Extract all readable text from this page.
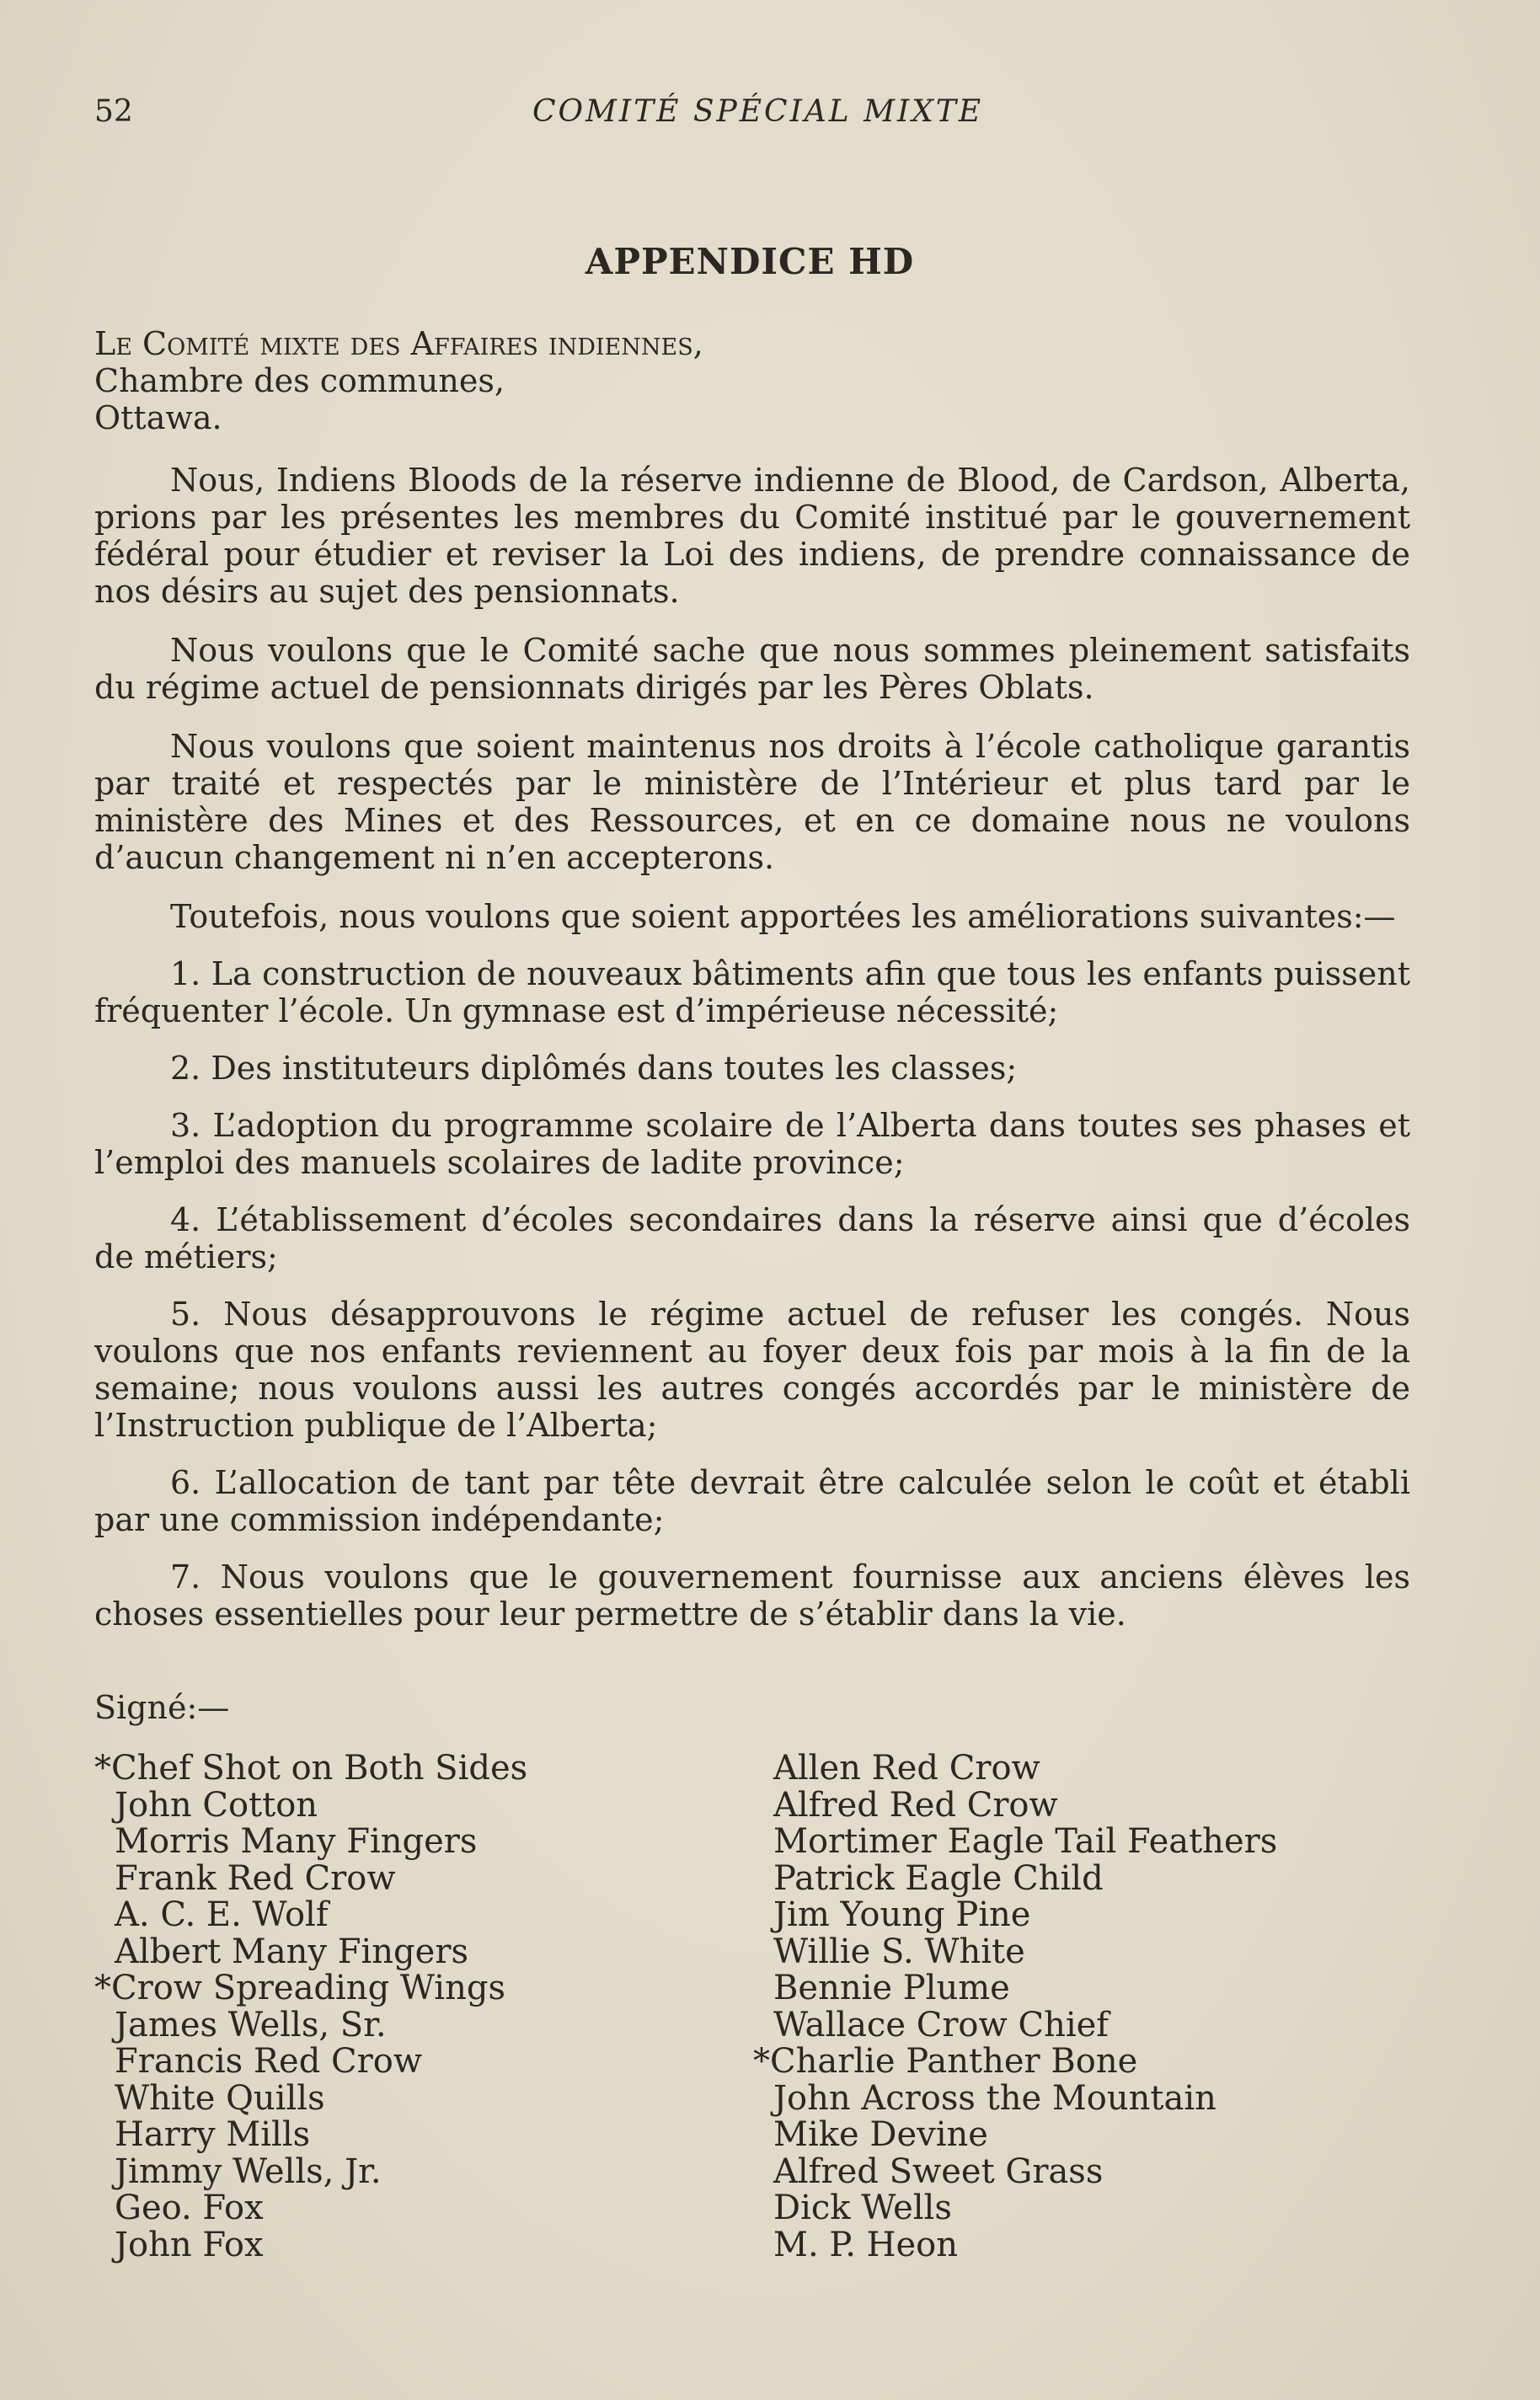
52	COMITÉ SPÉCIAL MIXTE
APPENDICE HD
Le Comité mixte des Affaires indiennes,
Chambre des communes,
Ottawa.

Nous, Indiens Bloods de la réserve indienne de Blood, de Cardson, Alberta, prions par les présentes les membres du Comité institué par le gouvernement fédéral pour étudier et reviser la Loi des indiens, de prendre connaissance de nos désirs au sujet des pensionnats.

Nous voulons que le Comité sache que nous sommes pleinement satisfaits du régime actuel de pensionnats dirigés par les Pères Oblats.

Nous voulons que soient maintenus nos droits à l’école catholique garantis par traité et respectés par le ministère de l’Intérieur et plus tard par le ministère des Mines et des Ressources, et en ce domaine nous ne voulons d’aucun changement ni n’en accepterons.

Toutefois, nous voulons que soient apportées les améliorations suivantes:—

1. La construction de nouveaux bâtiments afin que tous les enfants puissent fréquenter l’école. Un gymnase est d’impérieuse nécessité;

2. Des instituteurs diplômés dans toutes les classes;

3. L’adoption du programme scolaire de l’Alberta dans toutes ses phases et l’emploi des manuels scolaires de ladite province;

4. L’établissement d’écoles secondaires dans la réserve ainsi que d’écoles de métiers;

5. Nous désapprouvons le régime actuel de refuser les congés. Nous voulons que nos enfants reviennent au foyer deux fois par mois à la fin de la semaine; nous voulons aussi les autres congés accordés par le ministère de l’Instruction publique de l’Alberta;

6. L’allocation de tant par tête devrait être calculée selon le coût et établi par une commission indépendante;

7. Nous voulons que le gouvernement fournisse aux anciens élèves les choses essentielles pour leur permettre de s’établir dans la vie.

Signé:—
*Chef Shot on Both Sides
John Cotton
Morris Many Fingers
Frank Red Crow
A. C. E. Wolf
Albert Many Fingers
*Crow Spreading Wings
James Wells, Sr.
Francis Red Crow
White Quills
Harry Mills
Jimmy Wells, Jr.
Geo. Fox
John Fox
Allen Red Crow
Alfred Red Crow
Mortimer Eagle Tail Feathers
Patrick Eagle Child
Jim Young Pine
Willie S. White
Bennie Plume
Wallace Crow Chief
*Charlie Panther Bone
John Across the Mountain
Mike Devine
Alfred Sweet Grass
Dick Wells
M. P. Heon
